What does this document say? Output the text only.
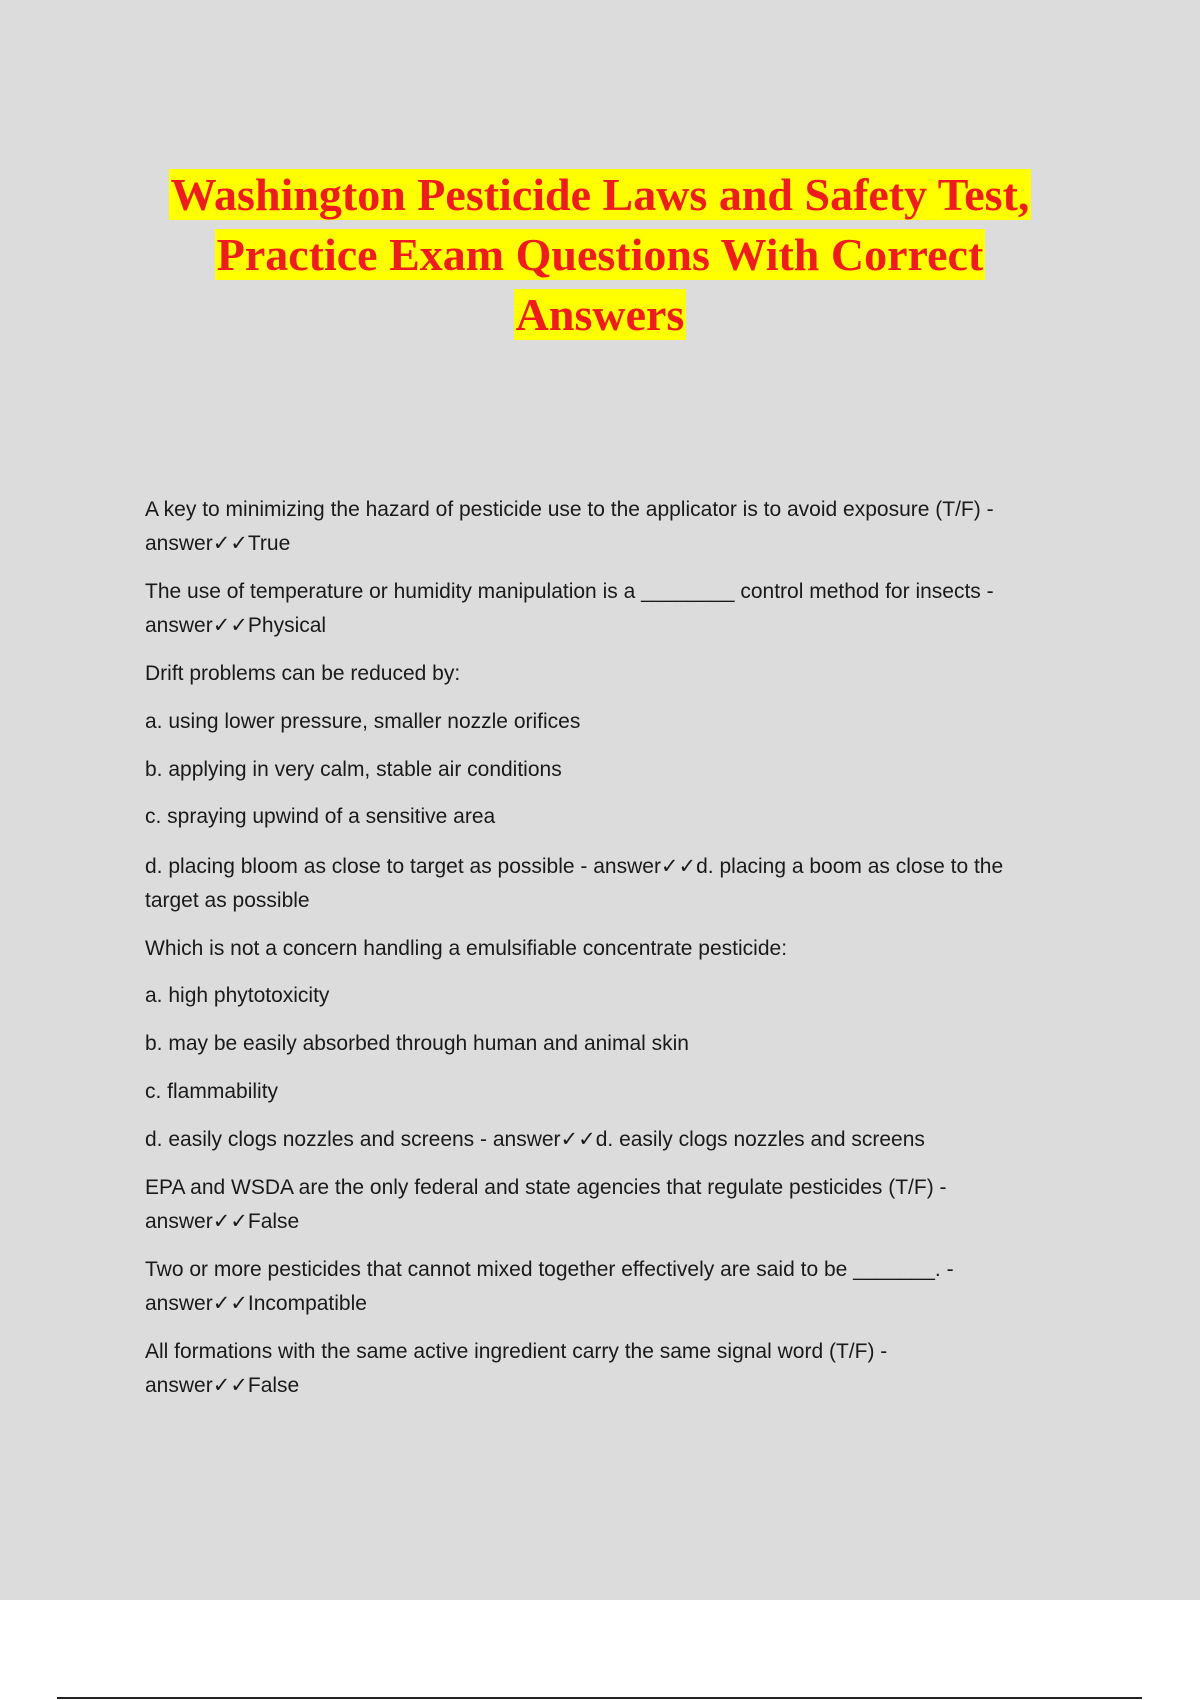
Washington Pesticide Laws and Safety Test,
Practice Exam Questions With Correct
Answers

A key to minimizing the hazard of pesticide use to the applicator is to avoid exposure (T/F) -
answer✓✓True

The use of temperature or humidity manipulation is a ________ control method for insects -
answer✓✓Physical

Drift problems can be reduced by:

a. using lower pressure, smaller nozzle orifices

b. applying in very calm, stable air conditions

c. spraying upwind of a sensitive area

d. placing bloom as close to target as possible - answer✓✓d. placing a boom as close to the
target as possible

Which is not a concern handling a emulsifiable concentrate pesticide:

a. high phytotoxicity

b. may be easily absorbed through human and animal skin

c. flammability

d. easily clogs nozzles and screens - answer✓✓d. easily clogs nozzles and screens

EPA and WSDA are the only federal and state agencies that regulate pesticides (T/F) -
answer✓✓False

Two or more pesticides that cannot mixed together effectively are said to be _______. -
answer✓✓Incompatible

All formations with the same active ingredient carry the same signal word (T/F) -
answer✓✓False
